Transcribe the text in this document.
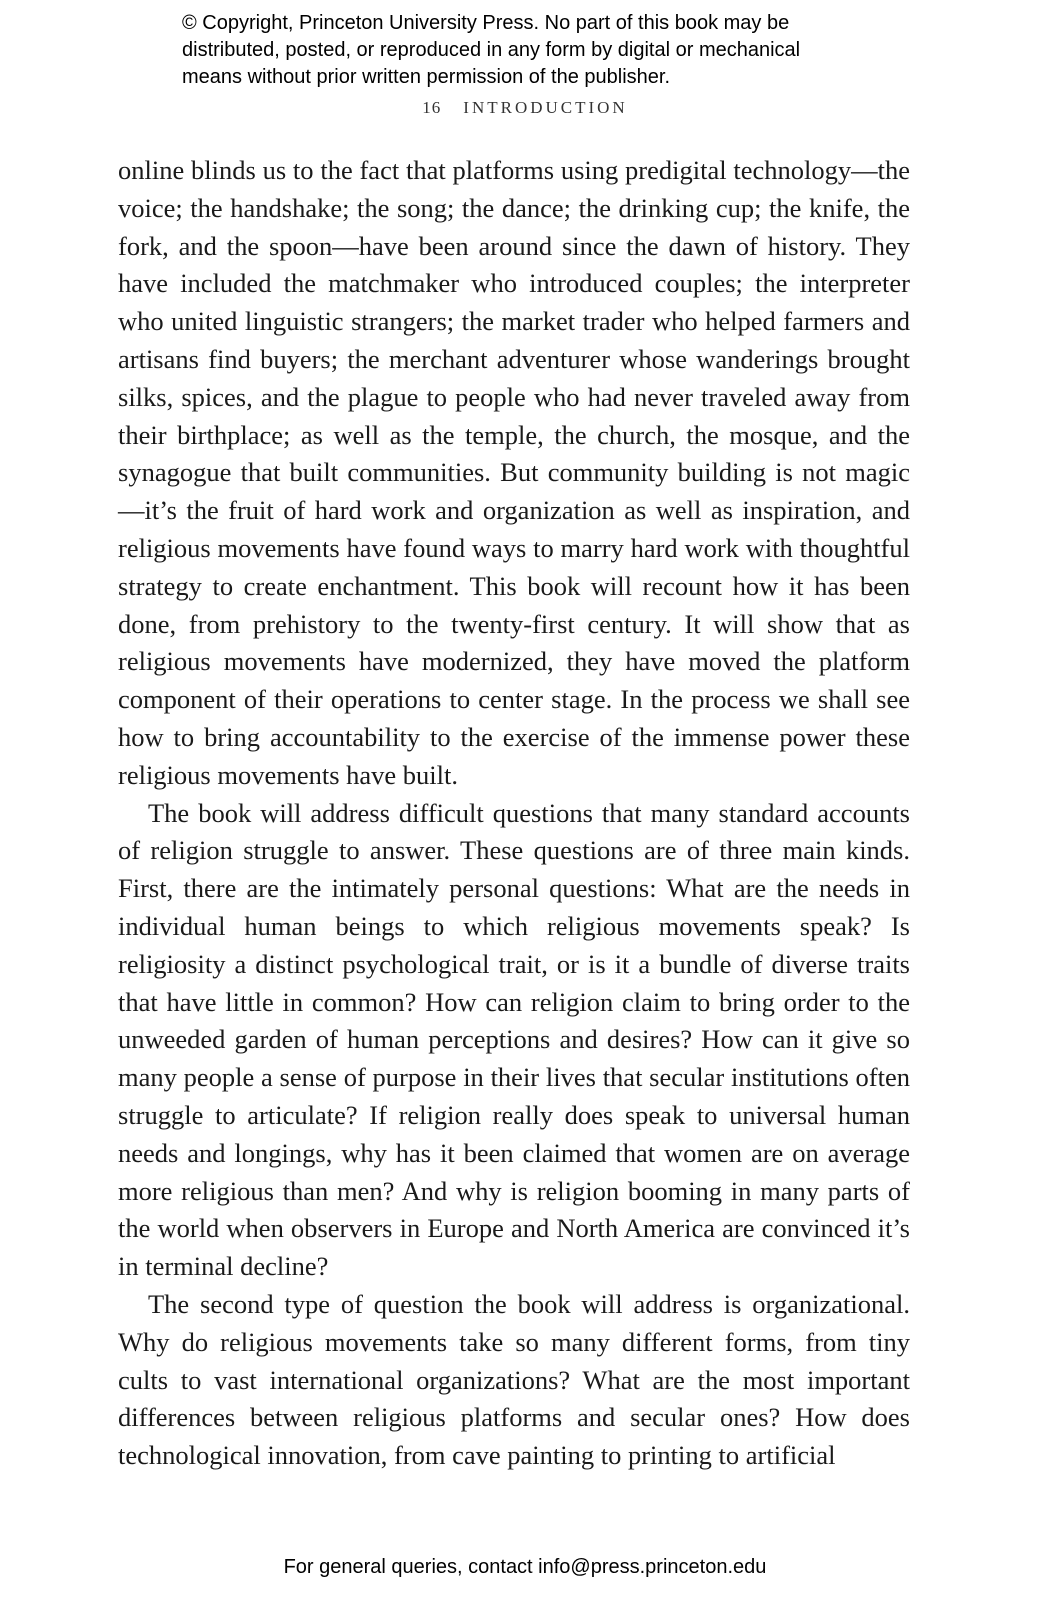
© Copyright, Princeton University Press. No part of this book may be
distributed, posted, or reproduced in any form by digital or mechanical
means without prior written permission of the publisher.
16 INTRODUCTION

online blinds us to the fact that platforms using predigital technology—the voice; the handshake; the song; the dance; the drinking cup; the knife, the fork, and the spoon—have been around since the dawn of history. They have included the matchmaker who introduced couples; the interpreter who united linguistic strangers; the market trader who helped farmers and artisans find buyers; the merchant adventurer whose wanderings brought silks, spices, and the plague to people who had never traveled away from their birthplace; as well as the temple, the church, the mosque, and the synagogue that built communities. But community building is not magic—it’s the fruit of hard work and organization as well as inspiration, and religious movements have found ways to marry hard work with thoughtful strategy to create enchantment. This book will recount how it has been done, from prehistory to the twenty-first century. It will show that as religious movements have modernized, they have moved the platform component of their operations to center stage. In the process we shall see how to bring accountability to the exercise of the immense power these religious movements have built.

The book will address difficult questions that many standard accounts of religion struggle to answer. These questions are of three main kinds. First, there are the intimately personal questions: What are the needs in individual human beings to which religious movements speak? Is religiosity a distinct psychological trait, or is it a bundle of diverse traits that have little in common? How can religion claim to bring order to the unweeded garden of human perceptions and desires? How can it give so many people a sense of purpose in their lives that secular institutions often struggle to articulate? If religion really does speak to universal human needs and longings, why has it been claimed that women are on average more religious than men? And why is religion booming in many parts of the world when observers in Europe and North America are convinced it’s in terminal decline?

The second type of question the book will address is organizational. Why do religious movements take so many different forms, from tiny cults to vast international organizations? What are the most important differences between religious platforms and secular ones? How does technological innovation, from cave painting to printing to artificial

For general queries, contact info@press.princeton.edu
